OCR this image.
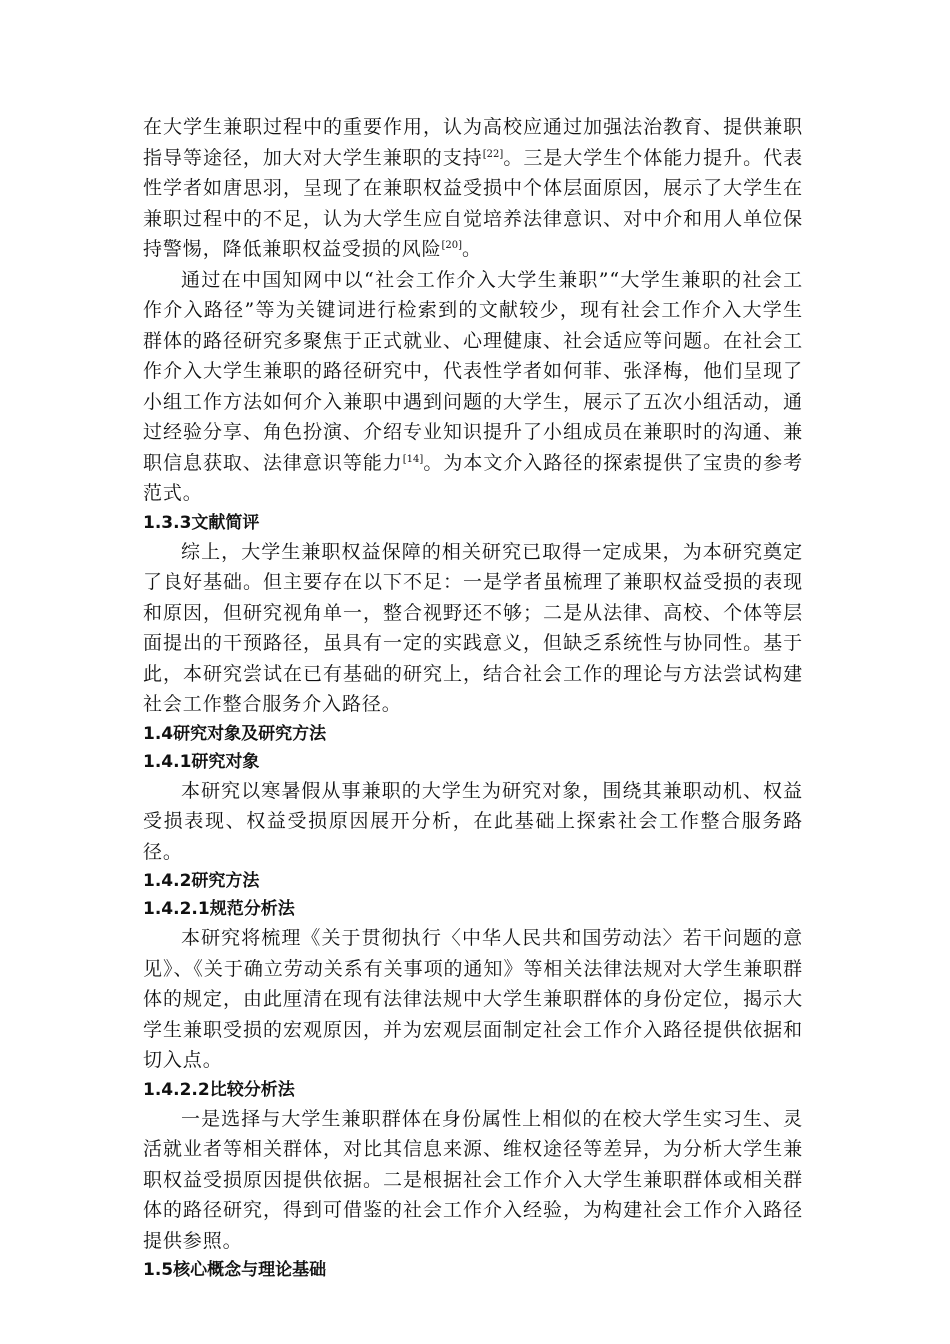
在大学生兼职过程中的重要作用，认为高校应通过加强法治教育、提供兼职指导等途径，加大对大学生兼职的支持[22]。三是大学生个体能力提升。代表性学者如唐思羽，呈现了在兼职权益受损中个体层面原因，展示了大学生在兼职过程中的不足，认为大学生应自觉培养法律意识、对中介和用人单位保持警惕，降低兼职权益受损的风险[20]。

通过在中国知网中以“社会工作介入大学生兼职”“大学生兼职的社会工作介入路径”等为关键词进行检索到的文献较少，现有社会工作介入大学生群体的路径研究多聚焦于正式就业、心理健康、社会适应等问题。在社会工作介入大学生兼职的路径研究中，代表性学者如何菲、张泽梅，他们呈现了小组工作方法如何介入兼职中遇到问题的大学生，展示了五次小组活动，通过经验分享、角色扮演、介绍专业知识提升了小组成员在兼职时的沟通、兼职信息获取、法律意识等能力[14]。为本文介入路径的探索提供了宝贵的参考范式。

1.3.3文献简评

综上，大学生兼职权益保障的相关研究已取得一定成果，为本研究奠定了良好基础。但主要存在以下不足：一是学者虽梳理了兼职权益受损的表现和原因，但研究视角单一，整合视野还不够；二是从法律、高校、个体等层面提出的干预路径，虽具有一定的实践意义，但缺乏系统性与协同性。基于此，本研究尝试在已有基础的研究上，结合社会工作的理论与方法尝试构建社会工作整合服务介入路径。

1.4研究对象及研究方法
1.4.1研究对象

本研究以寒暑假从事兼职的大学生为研究对象，围绕其兼职动机、权益受损表现、权益受损原因展开分析，在此基础上探索社会工作整合服务路径。

1.4.2研究方法
1.4.2.1规范分析法

本研究将梳理《关于贯彻执行〈中华人民共和国劳动法〉若干问题的意见》、《关于确立劳动关系有关事项的通知》等相关法律法规对大学生兼职群体的规定，由此厘清在现有法律法规中大学生兼职群体的身份定位，揭示大学生兼职受损的宏观原因，并为宏观层面制定社会工作介入路径提供依据和切入点。

1.4.2.2比较分析法

一是选择与大学生兼职群体在身份属性上相似的在校大学生实习生、灵活就业者等相关群体，对比其信息来源、维权途径等差异，为分析大学生兼职权益受损原因提供依据。二是根据社会工作介入大学生兼职群体或相关群体的路径研究，得到可借鉴的社会工作介入经验，为构建社会工作介入路径提供参照。

1.5核心概念与理论基础
